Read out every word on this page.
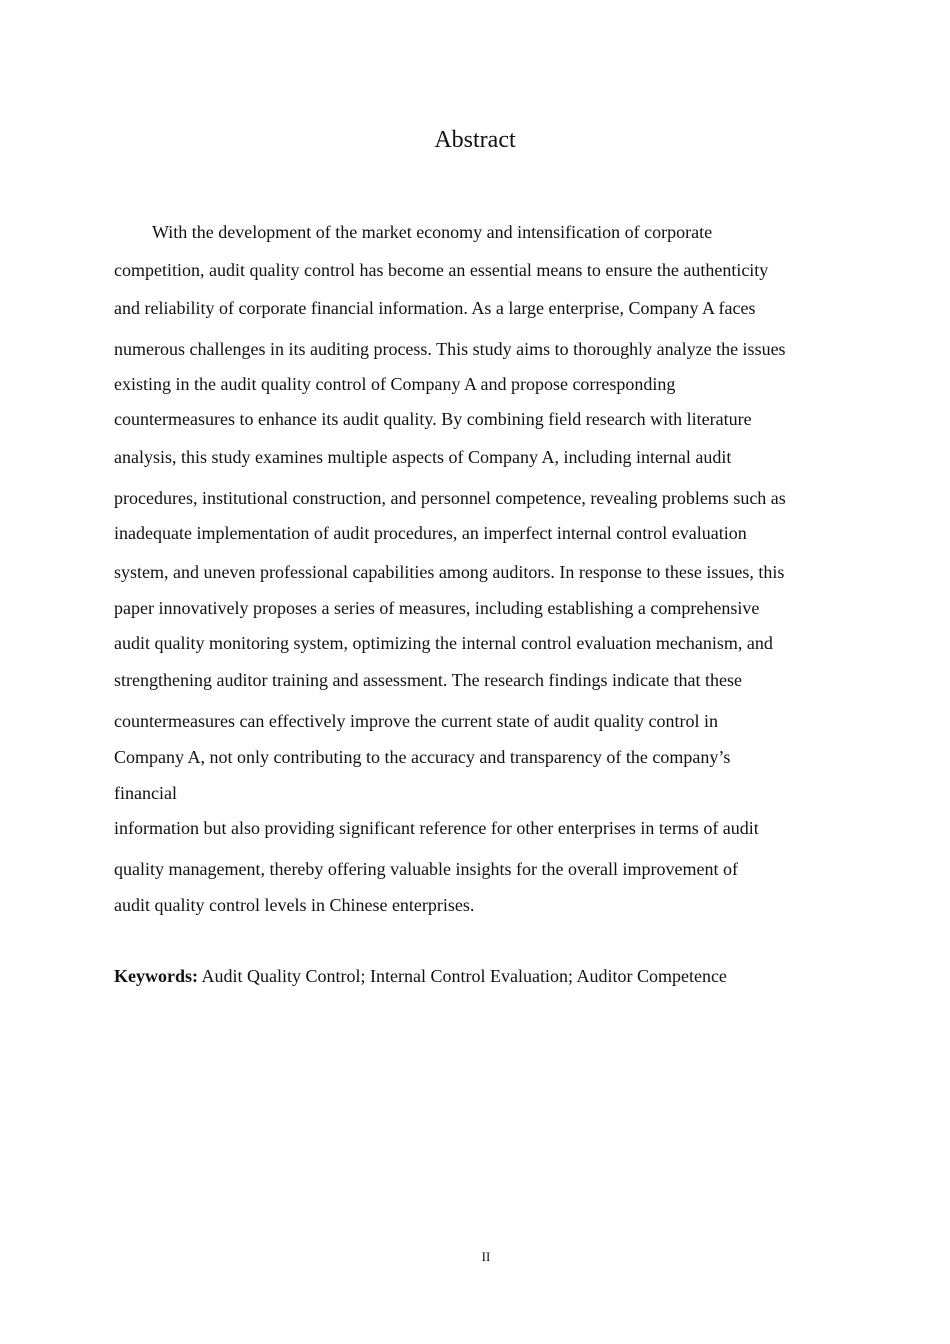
Abstract
With the development of the market economy and intensification of corporate
competition, audit quality control has become an essential means to ensure the authenticity
and reliability of corporate financial information. As a large enterprise, Company A faces
numerous challenges in its auditing process. This study aims to thoroughly analyze the issues
existing in the audit quality control of Company A and propose corresponding
countermeasures to enhance its audit quality. By combining field research with literature
analysis, this study examines multiple aspects of Company A, including internal audit
procedures, institutional construction, and personnel competence, revealing problems such as
inadequate implementation of audit procedures, an imperfect internal control evaluation
system, and uneven professional capabilities among auditors. In response to these issues, this
paper innovatively proposes a series of measures, including establishing a comprehensive
audit quality monitoring system, optimizing the internal control evaluation mechanism, and
strengthening auditor training and assessment. The research findings indicate that these
countermeasures can effectively improve the current state of audit quality control in
Company A, not only contributing to the accuracy and transparency of the company’s
financial
information but also providing significant reference for other enterprises in terms of audit
quality management, thereby offering valuable insights for the overall improvement of
audit quality control levels in Chinese enterprises.
Keywords: Audit Quality Control; Internal Control Evaluation; Auditor Competence
II
